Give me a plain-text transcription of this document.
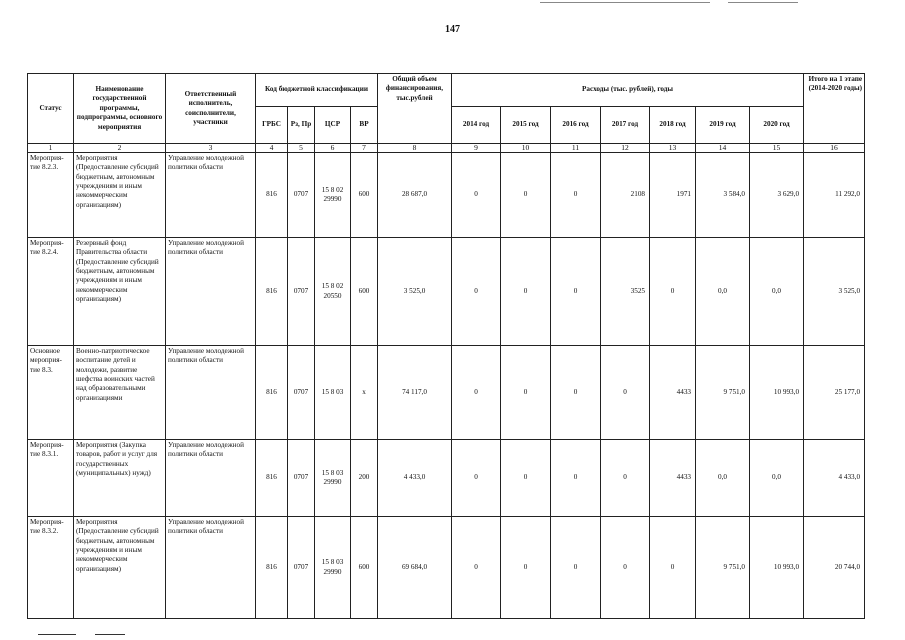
147
Статус	Наименование государственной программы, подпрограммы, основного мероприятия	Ответственный исполнитель, соисполнители, участники	Код бюджетной классификации				Общий объем финансирования, тыс.рублей	Расходы (тыс. рублей), годы							Итого на 1 этапе (2014-2020 годы)
			ГРБС	Рз, Пр	ЦСР	ВР		2014 год	2015 год	2016 год	2017 год	2018 год	2019 год	2020 год	
1	2	3	4	5	6	7	8	9	10	11	12	13	14	15	16
Мероприя-тие 8.2.3.	Мероприятия (Предоставление субсидий бюджетным, автономным учреждениям и иным некоммерческим организациям)	Управление молодежной политики области	816	0707	15 8 02 29990	600	28 687,0	0	0	0	2108	1971	3 584,0	3 629,0	11 292,0
Мероприя-тие 8.2.4.	Резервный фонд Правительства области (Предоставление субсидий бюджетным, автономным учреждениям и иным некоммерческим организациям)	Управление молодежной политики области	816	0707	15 8 02 20550	600	3 525,0	0	0	0	3525	0	0,0	0,0	3 525,0
Основное мероприя-тие 8.3.	Военно-патриотическое воспитание детей и молодежи, развитие шефства воинских частей над образовательными организациями	Управление молодежной политики области	816	0707	15 8 03	x	74 117,0	0	0	0	0	4433	9 751,0	10 993,0	25 177,0
Мероприя-тие 8.3.1.	Мероприятия (Закупка товаров, работ и услуг для государственных (муниципальных) нужд)	Управление молодежной политики области	816	0707	15 8 03 29990	200	4 433,0	0	0	0	0	4433	0,0	0,0	4 433,0
Мероприя-тие 8.3.2.	Мероприятия (Предоставление субсидий бюджетным, автономным учреждениям и иным некоммерческим организациям)	Управление молодежной политики области	816	0707	15 8 03 29990	600	69 684,0	0	0	0	0	0	9 751,0	10 993,0	20 744,0
